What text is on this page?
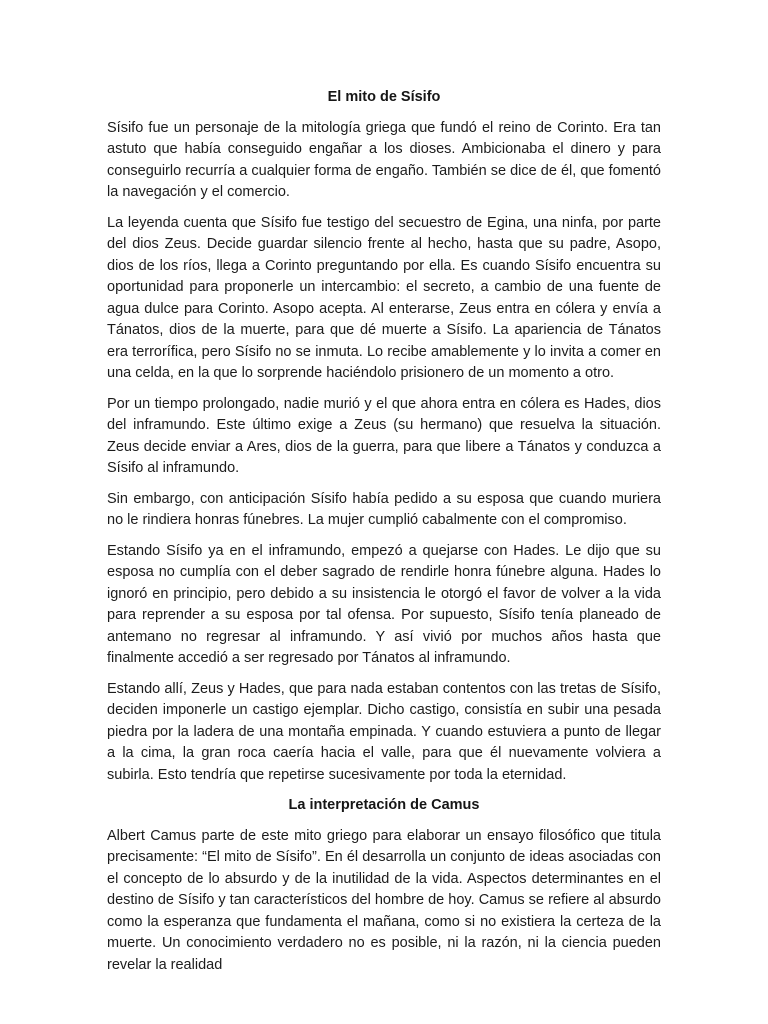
El mito de Sísifo

Sísifo fue un personaje de la mitología griega que fundó el reino de Corinto. Era tan astuto que había conseguido engañar a los dioses. Ambicionaba el dinero y para conseguirlo recurría a cualquier forma de engaño. También se dice de él, que fomentó la navegación y el comercio.

La leyenda cuenta que Sísifo fue testigo del secuestro de Egina, una ninfa, por parte del dios Zeus. Decide guardar silencio frente al hecho, hasta que su padre, Asopo, dios de los ríos, llega a Corinto preguntando por ella. Es cuando Sísifo encuentra su oportunidad para proponerle un intercambio: el secreto, a cambio de una fuente de agua dulce para Corinto. Asopo acepta. Al enterarse, Zeus entra en cólera y envía a Tánatos, dios de la muerte, para que dé muerte a Sísifo. La apariencia de Tánatos era terrorífica, pero Sísifo no se inmuta. Lo recibe amablemente y lo invita a comer en una celda, en la que lo sorprende haciéndolo prisionero de un momento a otro.

Por un tiempo prolongado, nadie murió y el que ahora entra en cólera es Hades, dios del inframundo. Este último exige a Zeus (su hermano) que resuelva la situación. Zeus decide enviar a Ares, dios de la guerra, para que libere a Tánatos y conduzca a Sísifo al inframundo.

Sin embargo, con anticipación Sísifo había pedido a su esposa que cuando muriera no le rindiera honras fúnebres. La mujer cumplió cabalmente con el compromiso.

Estando Sísifo ya en el inframundo, empezó a quejarse con Hades. Le dijo que su esposa no cumplía con el deber sagrado de rendirle honra fúnebre alguna. Hades lo ignoró en principio, pero debido a su insistencia le otorgó el favor de volver a la vida para reprender a su esposa por tal ofensa. Por supuesto, Sísifo tenía planeado de antemano no regresar al inframundo. Y así vivió por muchos años hasta que finalmente accedió a ser regresado por Tánatos al inframundo.

Estando allí, Zeus y Hades, que para nada estaban contentos con las tretas de Sísifo, deciden imponerle un castigo ejemplar. Dicho castigo, consistía en subir una pesada piedra por la ladera de una montaña empinada. Y cuando estuviera a punto de llegar a la cima, la gran roca caería hacia el valle, para que él nuevamente volviera a subirla. Esto tendría que repetirse sucesivamente por toda la eternidad.

La interpretación de Camus

Albert Camus parte de este mito griego para elaborar un ensayo filosófico que titula precisamente: “El mito de Sísifo”. En él desarrolla un conjunto de ideas asociadas con el concepto de lo absurdo y de la inutilidad de la vida. Aspectos determinantes en el destino de Sísifo y tan característicos del hombre de hoy. Camus se refiere al absurdo como la esperanza que fundamenta el mañana, como si no existiera la certeza de la muerte. Un conocimiento verdadero no es posible, ni la razón, ni la ciencia pueden revelar la realidad
